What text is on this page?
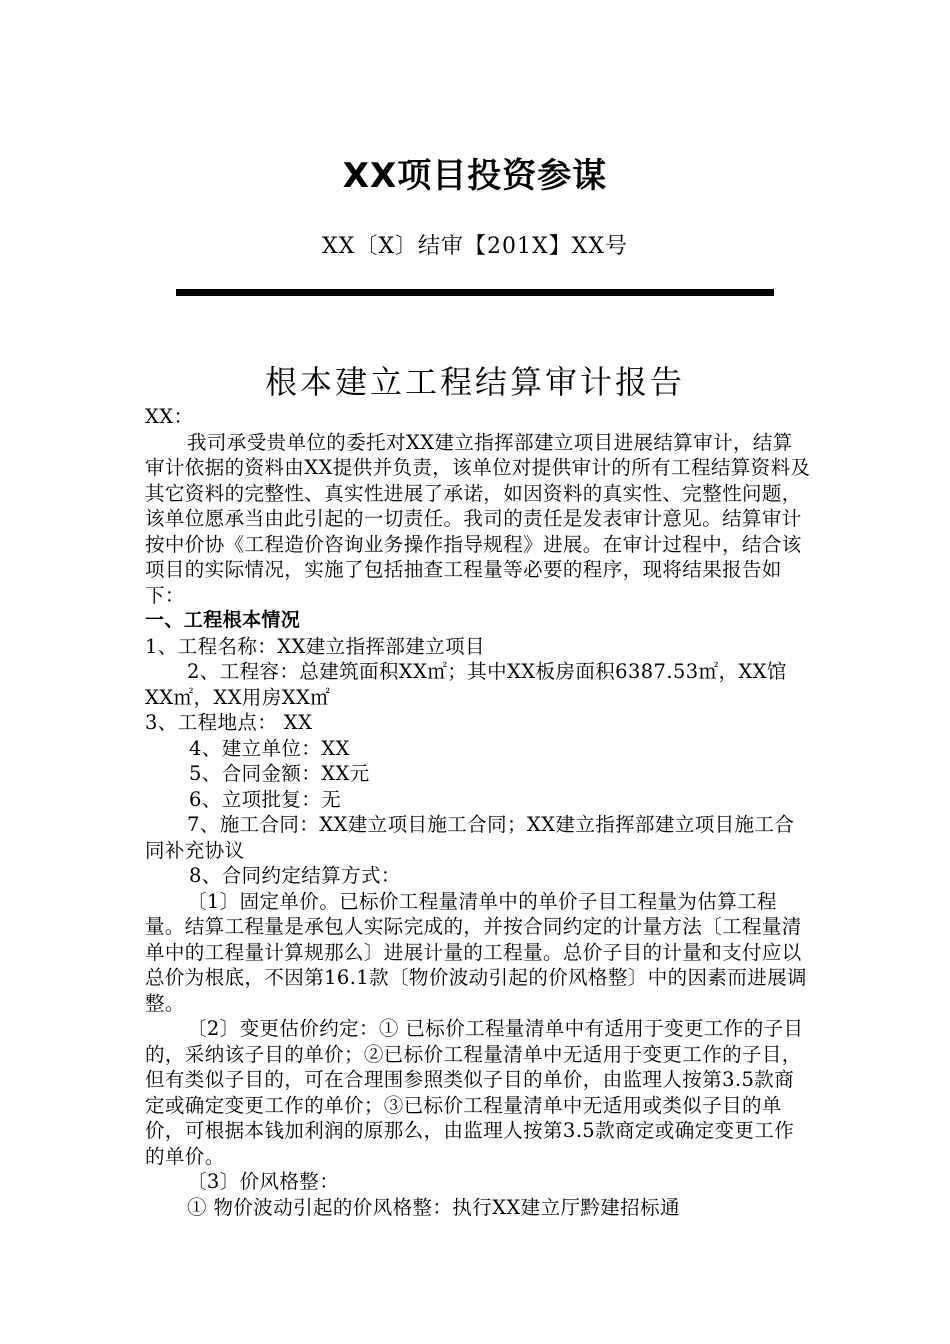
XX项目投资参谋
XX〔X〕结审【201X】XX号
根本建立工程结算审计报告

XX：

我司承受贵单位的委托对XX建立指挥部建立项目进展结算审计，结算审计依据的资料由XX提供并负责，该单位对提供审计的所有工程结算资料及其它资料的完整性、真实性进展了承诺，如因资料的真实性、完整性问题，该单位愿承当由此引起的一切责任。我司的责任是发表审计意见。结算审计按中价协《工程造价咨询业务操作指导规程》进展。在审计过程中，结合该项目的实际情况，实施了包括抽查工程量等必要的程序，现将结果报告如下：

一、工程根本情况

1、工程名称：XX建立指挥部建立项目

2、工程容：总建筑面积XX㎡；其中XX板房面积6387.53㎡，XX馆XX㎡，XX用房XX㎡

3、工程地点： XX

4、建立单位：XX

5、合同金额：XX元

6、立项批复：无

7、施工合同：XX建立项目施工合同；XX建立指挥部建立项目施工合同补充协议

8、合同约定结算方式：

〔1〕固定单价。已标价工程量清单中的单价子目工程量为估算工程量。结算工程量是承包人实际完成的，并按合同约定的计量方法〔工程量清单中的工程量计算规那么〕进展计量的工程量。总价子目的计量和支付应以总价为根底，不因第16.1款〔物价波动引起的价风格整〕中的因素而进展调整。

〔2〕变更估价约定：① 已标价工程量清单中有适用于变更工作的子目的，采纳该子目的单价；②已标价工程量清单中无适用于变更工作的子目，但有类似子目的，可在合理围参照类似子目的单价，由监理人按第3.5款商定或确定变更工作的单价；③已标价工程量清单中无适用或类似子目的单价，可根据本钱加利润的原那么，由监理人按第3.5款商定或确定变更工作的单价。

〔3〕价风格整：

① 物价波动引起的价风格整：执行XX建立厅黔建招标通
